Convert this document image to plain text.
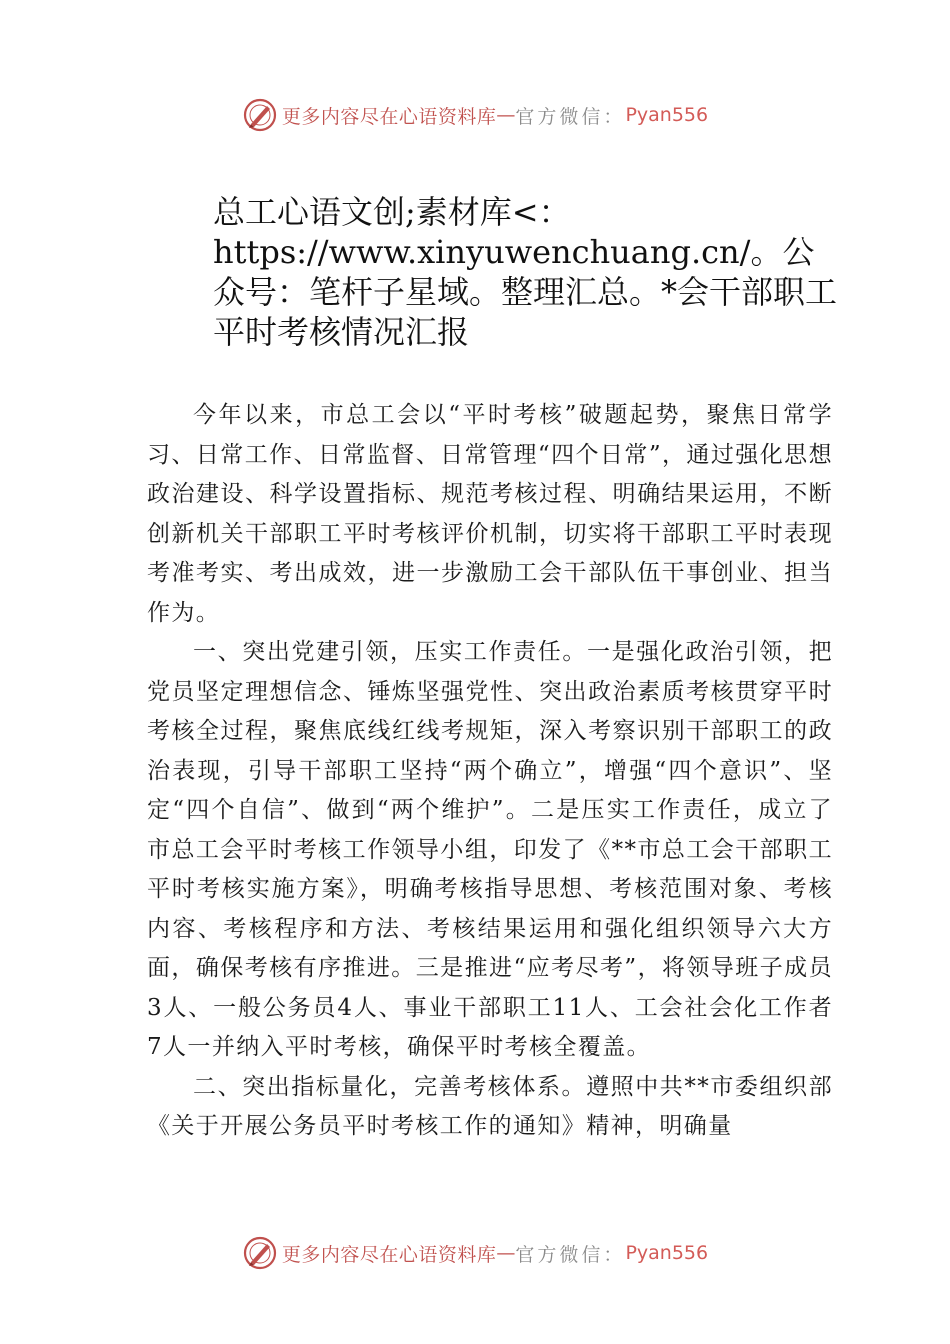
更多内容尽在心语资料库 — 官方微信： Pyan556
总工心语文创;素材库<：https://www.xinyuwenchuang.cn/。公众号：笔杆子星域。整理汇总。*会干部职工平时考核情况汇报

今年以来，市总工会以“平时考核”破题起势，聚焦日常学习、日常工作、日常监督、日常管理“四个日常”，通过强化思想政治建设、科学设置指标、规范考核过程、明确结果运用，不断创新机关干部职工平时考核评价机制，切实将干部职工平时表现考准考实、考出成效，进一步激励工会干部队伍干事创业、担当作为。

一、突出党建引领，压实工作责任。一是强化政治引领，把党员坚定理想信念、锤炼坚强党性、突出政治素质考核贯穿平时考核全过程，聚焦底线红线考规矩，深入考察识别干部职工的政治表现，引导干部职工坚持“两个确立”，增强“四个意识”、坚定“四个自信”、做到“两个维护”。二是压实工作责任，成立了市总工会平时考核工作领导小组，印发了《**市总工会干部职工平时考核实施方案》，明确考核指导思想、考核范围对象、考核内容、考核程序和方法、考核结果运用和强化组织领导六大方面，确保考核有序推进。三是推进“应考尽考”，将领导班子成员3人、一般公务员4人、事业干部职工11人、工会社会化工作者7人一并纳入平时考核，确保平时考核全覆盖。

二、突出指标量化，完善考核体系。遵照中共**市委组织部《关于开展公务员平时考核工作的通知》精神，明确量

更多内容尽在心语资料库 — 官方微信： Pyan556
